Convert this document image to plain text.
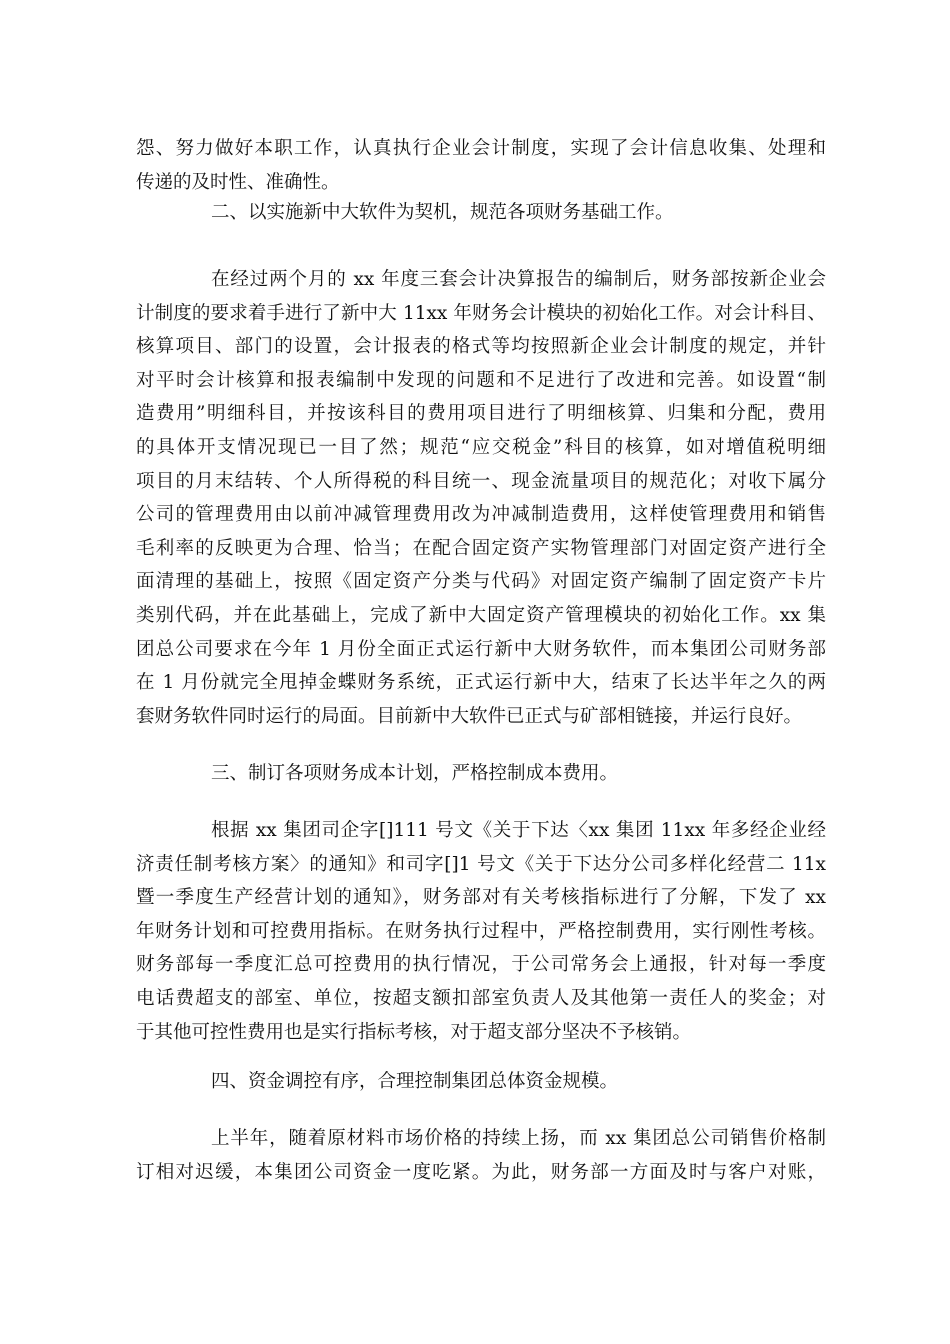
怨、努力做好本职工作，认真执行企业会计制度，实现了会计信息收集、处理和
传递的及时性、准确性。
二、以实施新中大软件为契机，规范各项财务基础工作。
在经过两个月的 xx 年度三套会计决算报告的编制后，财务部按新企业会
计制度的要求着手进行了新中大 11xx 年财务会计模块的初始化工作。对会计科目、
核算项目、部门的设置，会计报表的格式等均按照新企业会计制度的规定，并针
对平时会计核算和报表编制中发现的问题和不足进行了改进和完善。如设置“制
造费用”明细科目，并按该科目的费用项目进行了明细核算、归集和分配，费用
的具体开支情况现已一目了然；规范“应交税金”科目的核算，如对增值税明细
项目的月末结转、个人所得税的科目统一、现金流量项目的规范化；对收下属分
公司的管理费用由以前冲减管理费用改为冲减制造费用，这样使管理费用和销售
毛利率的反映更为合理、恰当；在配合固定资产实物管理部门对固定资产进行全
面清理的基础上，按照《固定资产分类与代码》对固定资产编制了固定资产卡片
类别代码，并在此基础上，完成了新中大固定资产管理模块的初始化工作。xx 集
团总公司要求在今年 1 月份全面正式运行新中大财务软件，而本集团公司财务部
在 1 月份就完全甩掉金蝶财务系统，正式运行新中大，结束了长达半年之久的两
套财务软件同时运行的局面。目前新中大软件已正式与矿部相链接，并运行良好。
三、制订各项财务成本计划，严格控制成本费用。
根据 xx 集团司企字[]111 号文《关于下达〈xx 集团 11xx 年多经企业经
济责任制考核方案〉的通知》和司字[]1 号文《关于下达分公司多样化经营二 11x
暨一季度生产经营计划的通知》，财务部对有关考核指标进行了分解，下发了 xx
年财务计划和可控费用指标。在财务执行过程中，严格控制费用，实行刚性考核。
财务部每一季度汇总可控费用的执行情况，于公司常务会上通报，针对每一季度
电话费超支的部室、单位，按超支额扣部室负责人及其他第一责任人的奖金；对
于其他可控性费用也是实行指标考核，对于超支部分坚决不予核销。
四、资金调控有序，合理控制集团总体资金规模。
上半年，随着原材料市场价格的持续上扬，而 xx 集团总公司销售价格制
订相对迟缓，本集团公司资金一度吃紧。为此，财务部一方面及时与客户对账，
